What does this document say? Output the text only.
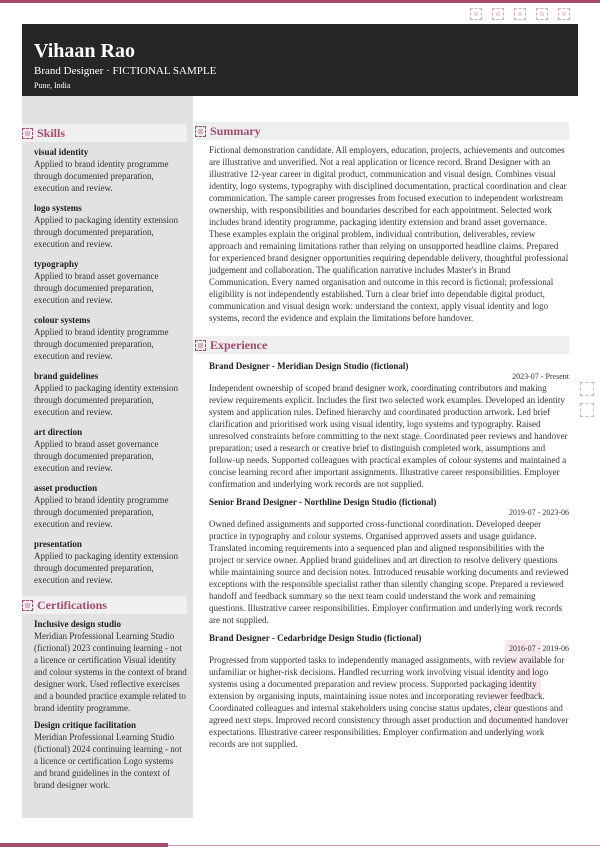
Vihaan Rao
Brand Designer · FICTIONAL SAMPLE
Pune, India
Skills
visual identity
Applied to brand identity programme through documented preparation, execution and review.
logo systems
Applied to packaging identity extension through documented preparation, execution and review.
typography
Applied to brand asset governance through documented preparation, execution and review.
colour systems
Applied to brand identity programme through documented preparation, execution and review.
brand guidelines
Applied to packaging identity extension through documented preparation, execution and review.
art direction
Applied to brand asset governance through documented preparation, execution and review.
asset production
Applied to brand identity programme through documented preparation, execution and review.
presentation
Applied to packaging identity extension through documented preparation, execution and review.
Certifications
Inclusive design studio
Meridian Professional Learning Studio (fictional) 2023 continuing learning - not a licence or certification Visual identity and colour systems in the context of brand designer work. Used reflective exercises and a bounded practice example related to brand identity programme.
Design critique facilitation
Meridian Professional Learning Studio (fictional) 2024 continuing learning - not a licence or certification Logo systems and brand guidelines in the context of brand designer work.
Summary
Fictional demonstration candidate. All employers, education, projects, achievements and outcomes are illustrative and unverified. Not a real application or licence record. Brand Designer with an illustrative 12-year career in digital product, communication and visual design. Combines visual identity, logo systems, typography with disciplined documentation, practical coordination and clear communication. The sample career progresses from focused execution to independent workstream ownership, with responsibilities and boundaries described for each appointment. Selected work includes brand identity programme, packaging identity extension and brand asset governance. These examples explain the original problem, individual contribution, deliverables, review approach and remaining limitations rather than relying on unsupported headline claims. Prepared for experienced brand designer opportunities requiring dependable delivery, thoughtful professional judgement and collaboration. The qualification narrative includes Master's in Brand Communication. Every named organisation and outcome in this record is fictional; professional eligibility is not independently established. Turn a clear brief into dependable digital product, communication and visual design work: understand the context, apply visual identity and logo systems, record the evidence and explain the limitations before handover.
Experience
Brand Designer - Meridian Design Studio (fictional)
2023-07 - Present
Independent ownership of scoped brand designer work, coordinating contributors and making review requirements explicit. Includes the first two selected work examples. Developed an identity system and application rules. Defined hierarchy and coordinated production artwork. Led brief clarification and prioritised work using visual identity, logo systems and typography. Raised unresolved constraints before committing to the next stage. Coordinated peer reviews and handover preparation; used a research or creative brief to distinguish completed work, assumptions and follow-up needs. Supported colleagues with practical examples of colour systems and maintained a concise learning record after important assignments. Illustrative career responsibilities. Employer confirmation and underlying work records are not supplied.
Senior Brand Designer - Northline Design Studio (fictional)
2019-07 - 2023-06
Owned defined assignments and supported cross-functional coordination. Developed deeper practice in typography and colour systems. Organised approved assets and usage guidance. Translated incoming requirements into a sequenced plan and aligned responsibilities with the project or service owner. Applied brand guidelines and art direction to resolve delivery questions while maintaining source and decision notes. Introduced reusable working documents and reviewed exceptions with the responsible specialist rather than silently changing scope. Prepared a reviewed handoff and feedback summary so the next team could understand the work and remaining questions. Illustrative career responsibilities. Employer confirmation and underlying work records are not supplied.
Brand Designer - Cedarbridge Design Studio (fictional)
2016-07 - 2019-06
Progressed from supported tasks to independently managed assignments, with review available for unfamiliar or higher-risk decisions. Handled recurring work involving visual identity and logo systems using a documented preparation and review process. Supported packaging identity extension by organising inputs, maintaining issue notes and incorporating reviewer feedback. Coordinated colleagues and internal stakeholders using concise status updates, clear questions and agreed next steps. Improved record consistency through asset production and documented handover expectations. Illustrative career responsibilities. Employer confirmation and underlying work records are not supplied.
